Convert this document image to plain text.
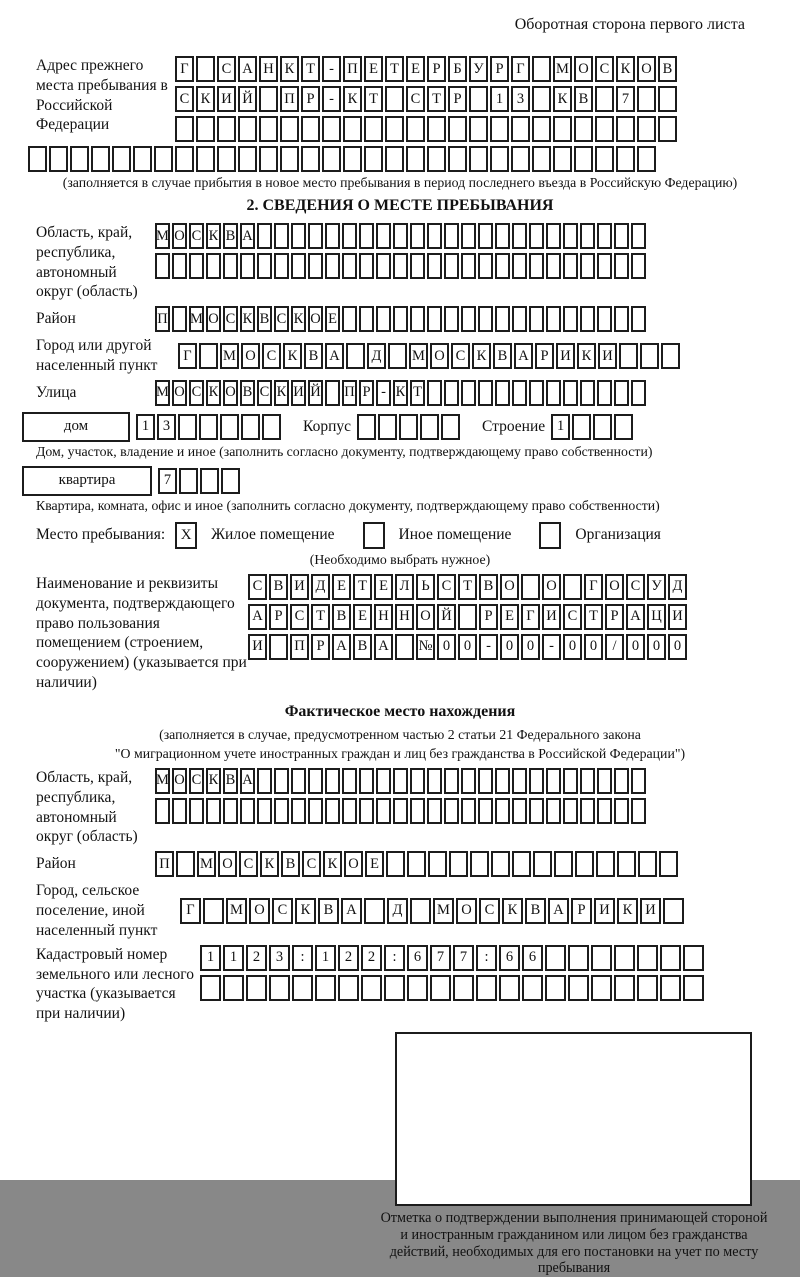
Оборотная сторона первого листа
Адрес прежнего места пребывания в Российской Федерации
Г	С А Н К Т - П Е Т Е Р Б У Р Г	М О С К О В
С К И Й П Р	- К Т	С Т Р	1 3	К В	7
(заполняется в случае прибытия в новое место пребывания в период последнего въезда в Российскую Федерацию)
2. СВЕДЕНИЯ О МЕСТЕ ПРЕБЫВАНИЯ
Область, край, республика, автономный округ (область)
М О С К В А
Район	П М О С К В С К О Е
Город или другой населенный пункт
Г	М О С К В А	Д	М О С К В А Р И К И
Улица	М О С К О В С К И Й П Р - К Т
дом	1 3	Корпус	Строение 1
Дом, участок, владение и иное (заполнить согласно документу, подтверждающему право собственности)
квартира	7
Квартира, комната, офис и иное (заполнить согласно документу, подтверждающему право собственности)
Место пребывания:	X	Жилое помещение	Иное помещение	Организация
(Необходимо выбрать нужное)
Наименование и реквизиты документа, подтверждающего право пользования помещением (строением, сооружением) (указывается при наличии)
С В И Д Е Т Е Л Ь С Т В О О	Г О С У Д
А Р С Т В Е Н Н О Й	Р Е Г И С Т Р А Ц И
И П Р А В А № 0 0	-	0 0	-	0 0	/	0 0 0
Фактическое место нахождения
(заполняется в случае, предусмотренном частью 2 статьи 21 Федерального закона
"О миграционном учете иностранных граждан и лиц без гражданства в Российской Федерации")
Область, край, республика, автономный округ (область)
М О С К В А
Район	П М О С К В С К О Е
Город, сельское поселение, иной населенный пункт
Г	М О С К В А	Д	М О С К В А Р И К И
Кадастровый номер земельного или лесного участка (указывается при наличии)
1	1	2	3	:	1	2	2	:	6	7	7	:	6	6
Отметка о подтверждении выполнения принимающей стороной и иностранным гражданином или лицом без гражданства действий, необходимых для его постановки на учет по месту пребывания
